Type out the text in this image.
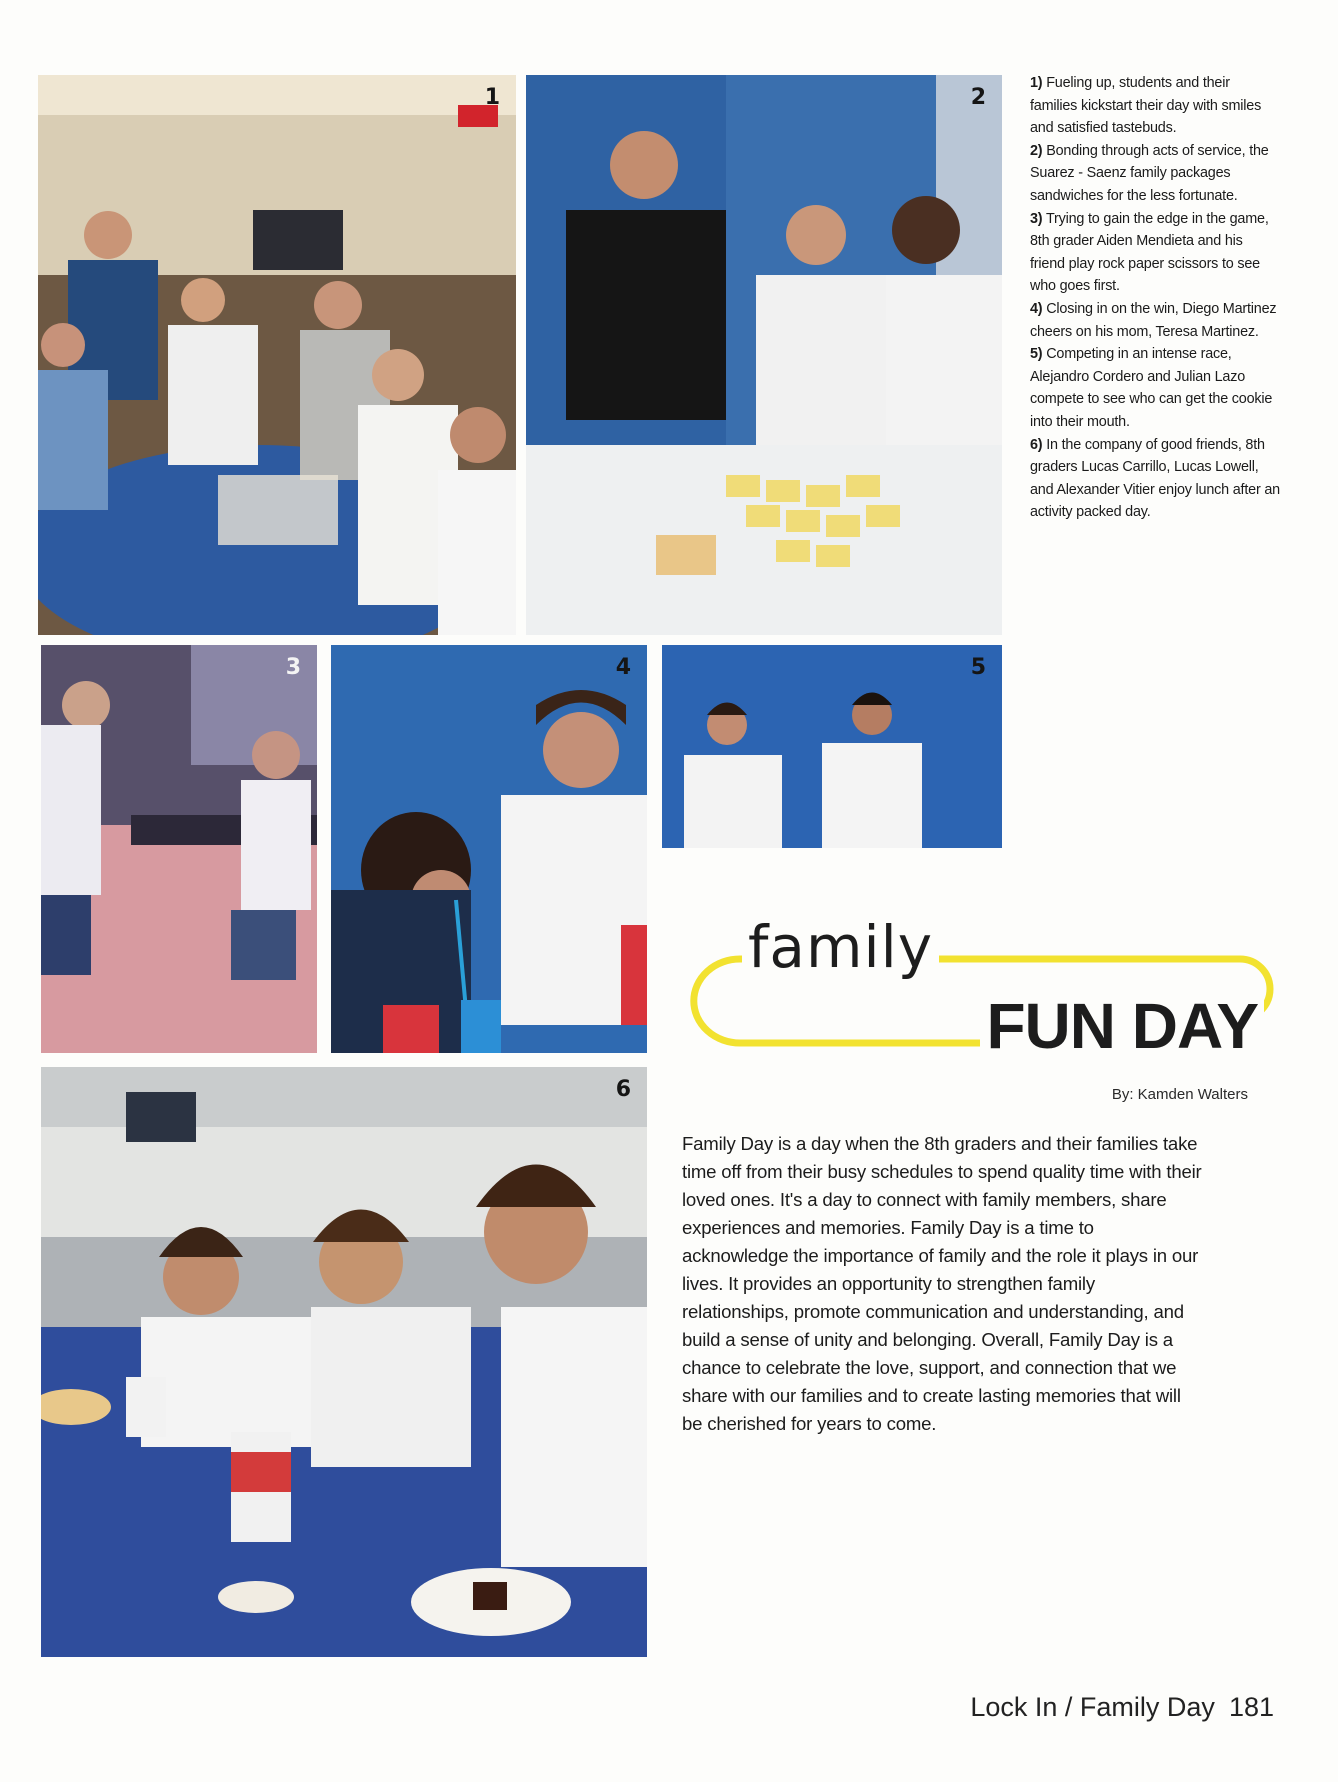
1	2
3	4	5
6

1) Fueling up, students and their families kickstart their day with smiles and satisfied tastebuds.

2) Bonding through acts of service, the Suarez - Saenz family packages sandwiches for the less fortunate.

3) Trying to gain the edge in the game, 8th grader Aiden Mendieta and his friend play rock paper scissors to see who goes first.

4) Closing in on the win, Diego Martinez cheers on his mom, Teresa Martinez.

5) Competing in an intense race, Alejandro Cordero and Julian Lazo compete to see who can get the cookie into their mouth.

6) In the company of good friends, 8th graders Lucas Carrillo, Lucas Lowell, and Alexander Vitier enjoy lunch after an activity packed day.

family
FUN DAY
By: Kamden Walters
Family Day is a day when the 8th graders and their families take time off from their busy schedules to spend quality time with their loved ones. It's a day to connect with family members, share experiences and memories. Family Day is a time to acknowledge the importance of family and the role it plays in our lives. It provides an opportunity to strengthen family relationships, promote communication and understanding, and build a sense of unity and belonging. Overall, Family Day is a chance to celebrate the love, support, and connection that we share with our families and to create lasting memories that will be cherished for years to come.
Lock In / Family Day 181
